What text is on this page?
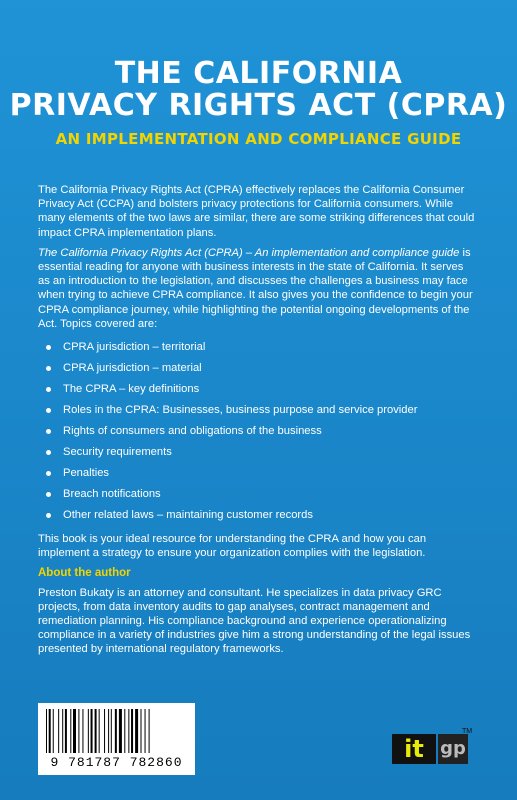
THE CALIFORNIA
PRIVACY RIGHTS ACT (CPRA)
AN IMPLEMENTATION AND COMPLIANCE GUIDE

The California Privacy Rights Act (CPRA) effectively replaces the California Consumer Privacy Act (CCPA) and bolsters privacy protections for California consumers. While many elements of the two laws are similar, there are some striking differences that could impact CPRA implementation plans.

The California Privacy Rights Act (CPRA) – An implementation and compliance guide is essential reading for anyone with business interests in the state of California. It serves as an introduction to the legislation, and discusses the challenges a business may face when trying to achieve CPRA compliance. It also gives you the confidence to begin your CPRA compliance journey, while highlighting the potential ongoing developments of the Act. Topics covered are:

CPRA jurisdiction – territorial
CPRA jurisdiction – material
The CPRA – key definitions
Roles in the CPRA: Businesses, business purpose and service provider
Rights of consumers and obligations of the business
Security requirements
Penalties
Breach notifications
Other related laws – maintaining customer records

This book is your ideal resource for understanding the CPRA and how you can implement a strategy to ensure your organization complies with the legislation.

About the author

Preston Bukaty is an attorney and consultant. He specializes in data privacy GRC projects, from data inventory audits to gap analyses, contract management and remediation planning. His compliance background and experience operationalizing compliance in a variety of industries give him a strong understanding of the legal issues presented by international regulatory frameworks.

9 781787 782860	it gp
TM
